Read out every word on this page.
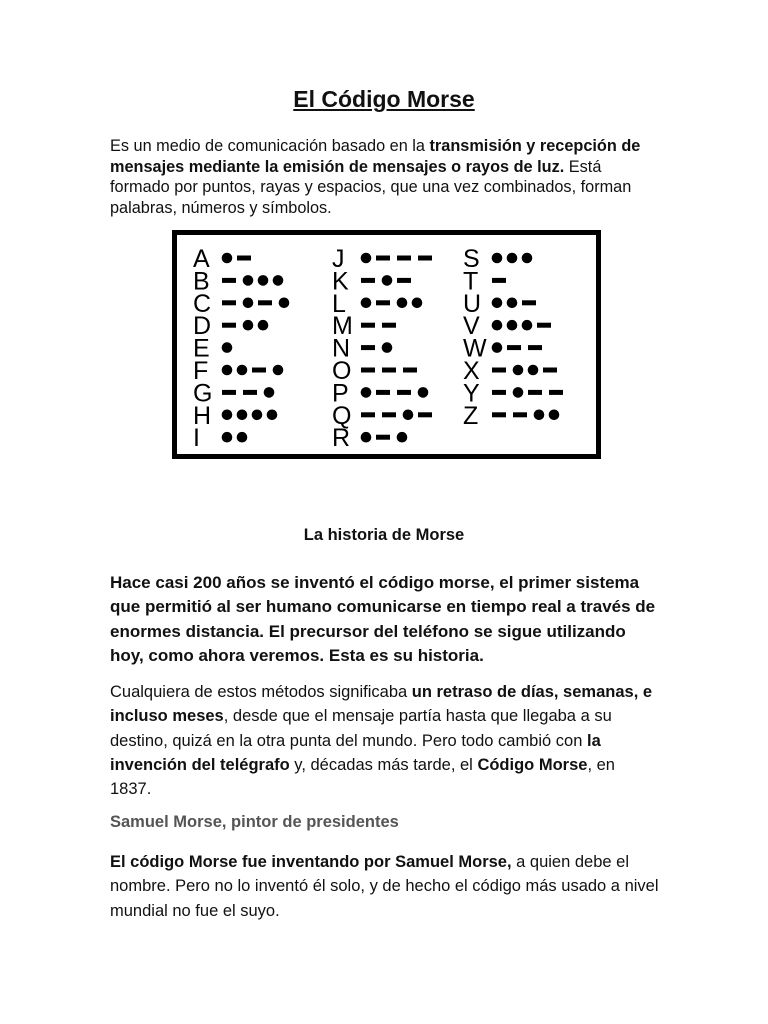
El Código Morse

Es un medio de comunicación basado en la transmisión y recepción de mensajes mediante la emisión de mensajes o rayos de luz. Está formado por puntos, rayas y espacios, que una vez combinados, forman palabras, números y símbolos.

A
B
C
D
E
F
G
H
I
J
K
L
M
N
O
P
Q
R
S
T
U
V
W
X
Y
Z

La historia de Morse

Hace casi 200 años se inventó el código morse, el primer sistema que permitió al ser humano comunicarse en tiempo real a través de enormes distancia. El precursor del teléfono se sigue utilizando hoy, como ahora veremos. Esta es su historia.

Cualquiera de estos métodos significaba un retraso de días, semanas, e incluso meses, desde que el mensaje partía hasta que llegaba a su destino, quizá en la otra punta del mundo. Pero todo cambió con la invención del telégrafo y, décadas más tarde, el Código Morse, en 1837.

Samuel Morse, pintor de presidentes

El código Morse fue inventando por Samuel Morse, a quien debe el nombre. Pero no lo inventó él solo, y de hecho el código más usado a nivel mundial no fue el suyo.
